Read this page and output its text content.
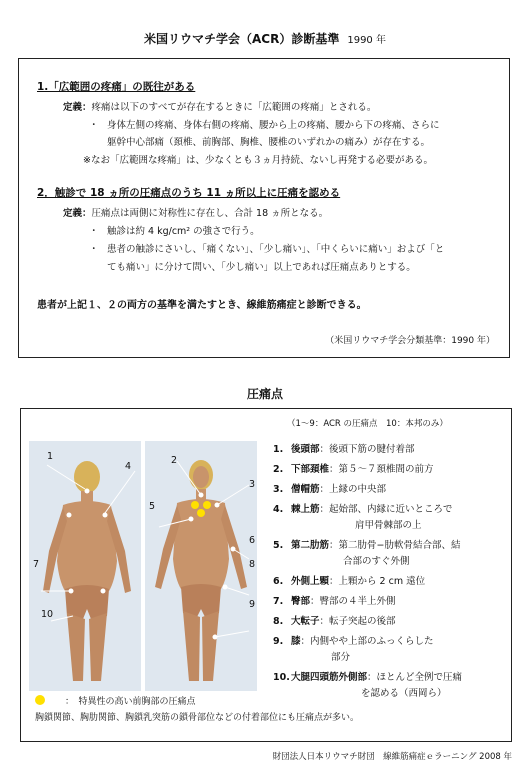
米国リウマチ学会（ACR）診断基準 1990 年
1.「広範囲の疼痛」の既往がある
定義：疼痛は以下のすべてが存在するときに「広範囲の疼痛」とされる。
・ 身体左側の疼痛、身体右側の疼痛、腰から上の疼痛、腰から下の疼痛、さらに
躯幹中心部痛（頚椎、前胸部、胸椎、腰椎のいずれかの痛み）が存在する。
※なお「広範囲な疼痛」は、少なくとも３ヵ月持続、ないし再発する必要がある。
2．触診で 18 ヵ所の圧痛点のうち 11 ヵ所以上に圧痛を認める
定義：圧痛点は両側に対称性に存在し、合計 18 ヵ所となる。
・ 触診は約 4 kg/cm² の強さで行う。
・ 患者の触診にさいし、「痛くない」、「少し痛い」、「中くらいに痛い」および「と
ても痛い」に分けて問い、「少し痛い」以上であれば圧痛点ありとする。
患者が上記１、２の両方の基準を満たすとき、線維筋痛症と診断できる。
（米国リウマチ学会分類基準：1990 年）
圧痛点
（1～9：ACR の圧痛点　10：本邦のみ）
1
4
7
10
2
3
5
6
8
9
1. 後頭部：後頭下筋の腱付着部
2. 下部頚椎：第５～７頚椎間の前方
3. 僧帽筋：上縁の中央部
4. 棘上筋：起始部、内縁に近いところで
肩甲骨棘部の上
5. 第二肋筋：第二肋骨−肋軟骨結合部、結
合部のすぐ外側
6. 外側上顆：上顆から 2 cm 遠位
7. 臀部：臀部の４半上外側
8. 大転子：転子突起の後部
9. 膝：内側やや上部のふっくらした
部分
10.大腿四頭筋外側部：ほとんど全例で圧痛
を認める（西岡ら）
：　特異性の高い前胸部の圧痛点
胸鎖関節、胸肋関節、胸鎖乳突筋の鎖骨部位などの付着部位にも圧痛点が多い。
財団法人日本リウマチ財団　線維筋痛症ｅラーニング 2008 年
